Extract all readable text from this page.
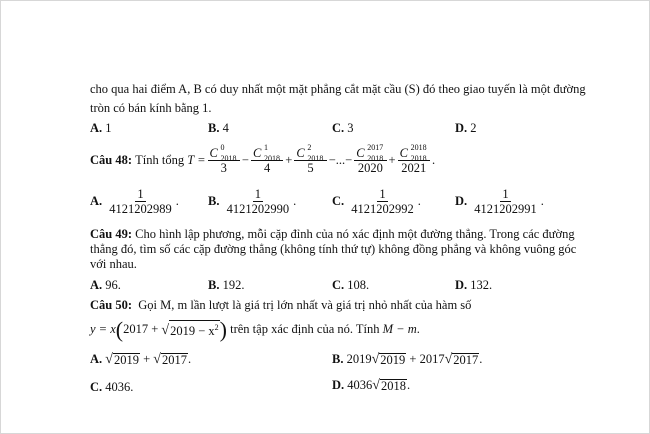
cho qua hai điểm A, B có duy nhất một mặt phẳng cắt mặt cầu (S) đó theo giao tuyến là một đường
tròn có bán kính bằng 1.
A. 1	B. 4	C. 3	D. 2
Câu 48:
Tính tổng
T = C 0
2018
3 − C 1
2018
4 + C 2
2018
5 −...− C 2017
2018
2020 + C 2018
2018
2021 .
A.
$\frac{1}{4121202989}$ . B.
$\frac{1}{4121202990}$ .	C.
$\frac{1}{4121202992}$ .	D.
$\frac{1}{4121202991}$ .
Câu 49: Cho hình lập phương, mỗi cặp đỉnh của nó xác định một đường thẳng. Trong các đường
thẳng đó, tìm số các cặp đường thẳng (không tính thứ tự) không đồng phẳng và không vuông góc
với nhau.
A. 96.	B. 192.	C. 108.	D. 132.
Câu 50: Gọi M, m lần lượt là giá trị lớn nhất và giá trị nhỏ nhất của hàm số
y = x ( 2017 +
√ $2019 - x^2$ )
trên tập xác định của nó. Tính
M − m .
A.
√ 2019
+
√ 2017 .	B.
2019 √ 2019
+ 2017 √ 2017 .
C. 4036.	D.
4036 √ 2018 .
